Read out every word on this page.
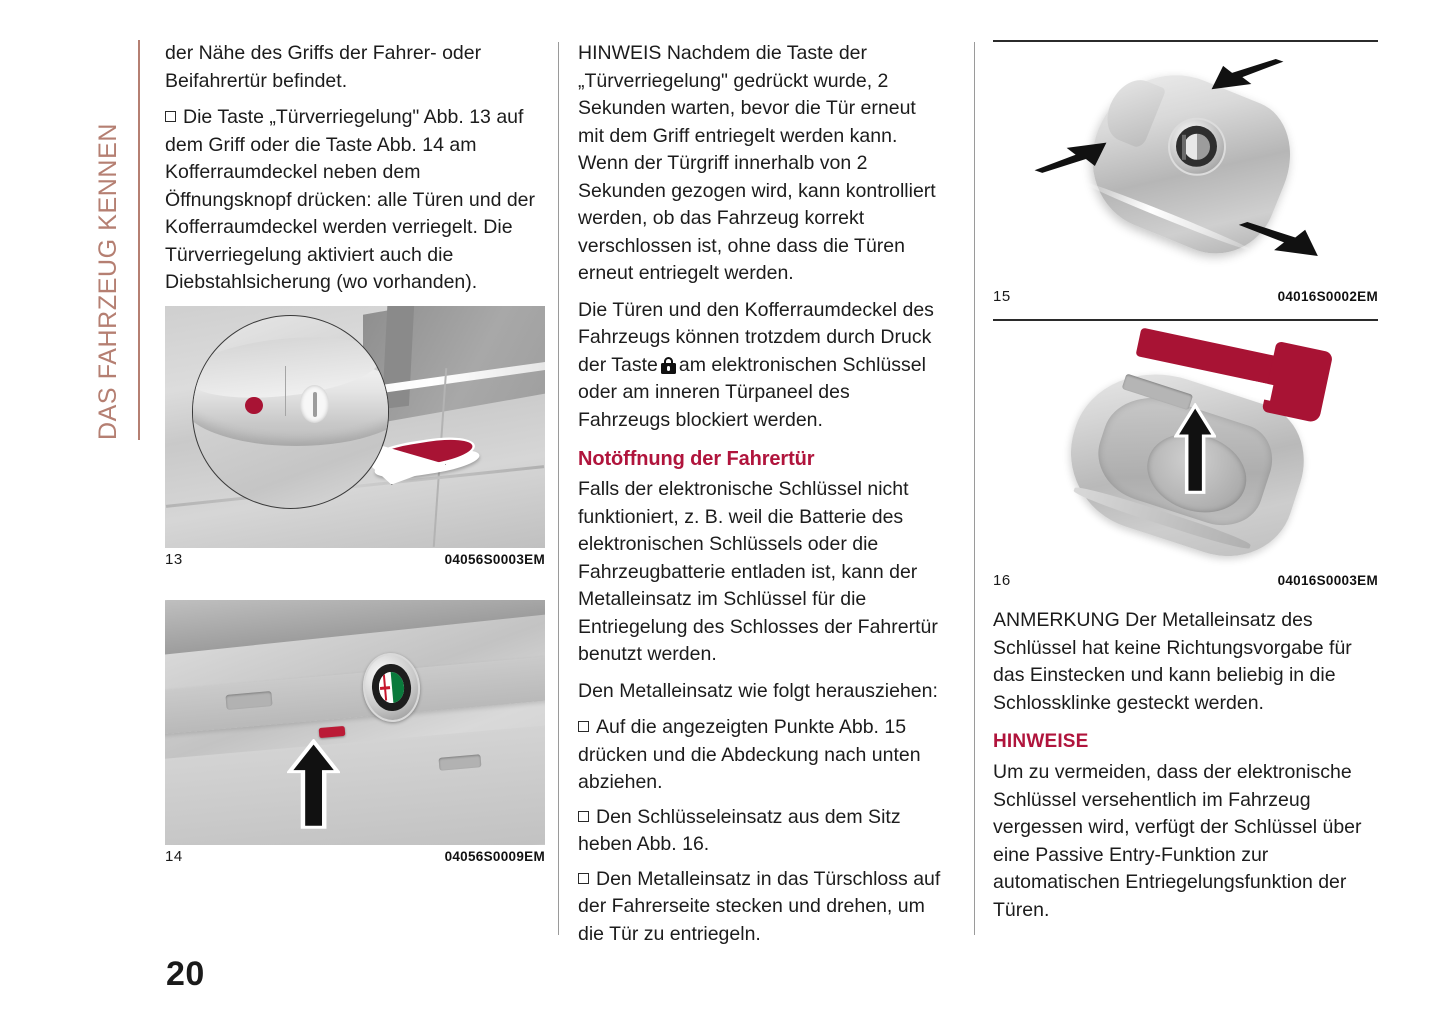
DAS FAHRZEUG KENNEN

der Nähe des Griffs der Fahrer- oder Beifahrertür befindet.

Die Taste „Türverriegelung" Abb. 13 auf dem Griff oder die Taste Abb. 14 am Kofferraumdeckel neben dem Öffnungsknopf drücken: alle Türen und der Kofferraumdeckel werden verriegelt. Die Türverriegelung aktiviert auch die Diebstahlsicherung (wo vorhanden).

13	04056S0003EM
14	04056S0009EM

HINWEIS Nachdem die Taste der „Türverriegelung" gedrückt wurde, 2 Sekunden warten, bevor die Tür erneut mit dem Griff entriegelt werden kann. Wenn der Türgriff innerhalb von 2 Sekunden gezogen wird, kann kontrolliert werden, ob das Fahrzeug korrekt verschlossen ist, ohne dass die Türen erneut entriegelt werden.

Die Türen und den Kofferraumdeckel des Fahrzeugs können trotzdem durch Druck der Taste am elektronischen Schlüssel oder am inneren Türpaneel des Fahrzeugs blockiert werden.

Notöffnung der Fahrertür

Falls der elektronische Schlüssel nicht funktioniert, z. B. weil die Batterie des elektronischen Schlüssels oder die Fahrzeugbatterie entladen ist, kann der Metalleinsatz im Schlüssel für die Entriegelung des Schlosses der Fahrertür benutzt werden.

Den Metalleinsatz wie folgt herausziehen:

Auf die angezeigten Punkte Abb. 15 drücken und die Abdeckung nach unten abziehen.

Den Schlüsseleinsatz aus dem Sitz heben Abb. 16.

Den Metalleinsatz in das Türschloss auf der Fahrerseite stecken und drehen, um die Tür zu entriegeln.

15	04016S0002EM
16	04016S0003EM

ANMERKUNG Der Metalleinsatz des Schlüssel hat keine Richtungsvorgabe für das Einstecken und kann beliebig in die Schlossklinke gesteckt werden.

HINWEISE

Um zu vermeiden, dass der elektronische Schlüssel versehentlich im Fahrzeug vergessen wird, verfügt der Schlüssel über eine Passive Entry-Funktion zur automatischen Entriegelungsfunktion der Türen.

20
